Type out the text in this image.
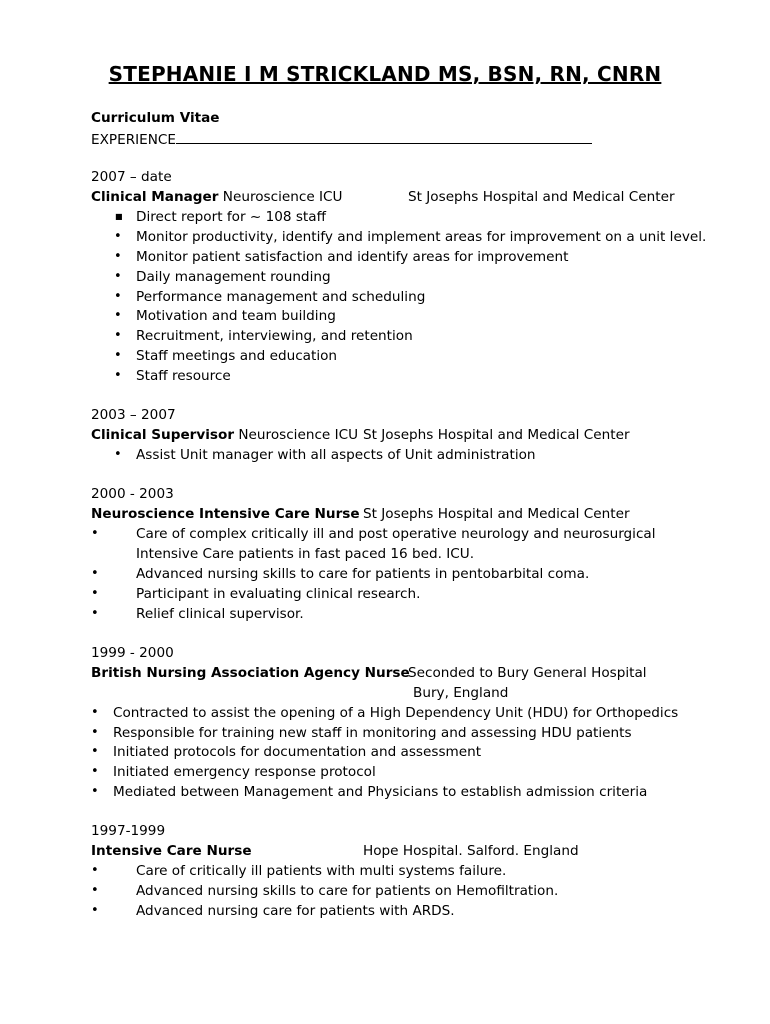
STEPHANIE I M STRICKLAND MS, BSN, RN, CNRN
Curriculum Vitae
EXPERIENCE
2007 – date
Clinical Manager Neuroscience ICU	St Josephs Hospital and Medical Center
■ Direct report for ~ 108 staff
• Monitor productivity, identify and implement areas for improvement on a unit level.
• Monitor patient satisfaction and identify areas for improvement
• Daily management rounding
• Performance management and scheduling
• Motivation and team building
• Recruitment, interviewing, and retention
• Staff meetings and education
• Staff resource
2003 – 2007
Clinical Supervisor Neuroscience ICU St Josephs Hospital and Medical Center
• Assist Unit manager with all aspects of Unit administration
2000 - 2003
Neuroscience Intensive Care Nurse St Josephs Hospital and Medical Center
•	Care of complex critically ill and post operative neurology and neurosurgical
Intensive Care patients in fast paced 16 bed. ICU.
•	Advanced nursing skills to care for patients in pentobarbital coma.
•	Participant in evaluating clinical research.
•	Relief clinical supervisor.
1999 - 2000
British Nursing Association Agency Nurse
Seconded to Bury General Hospital
Bury, England
• Contracted to assist the opening of a High Dependency Unit (HDU) for Orthopedics
• Responsible for training new staff in monitoring and assessing HDU patients
• Initiated protocols for documentation and assessment
• Initiated emergency response protocol
• Mediated between Management and Physicians to establish admission criteria
1997-1999
Intensive Care Nurse	Hope Hospital. Salford. England
•	Care of critically ill patients with multi systems failure.
•	Advanced nursing skills to care for patients on Hemofiltration.
•	Advanced nursing care for patients with ARDS.
